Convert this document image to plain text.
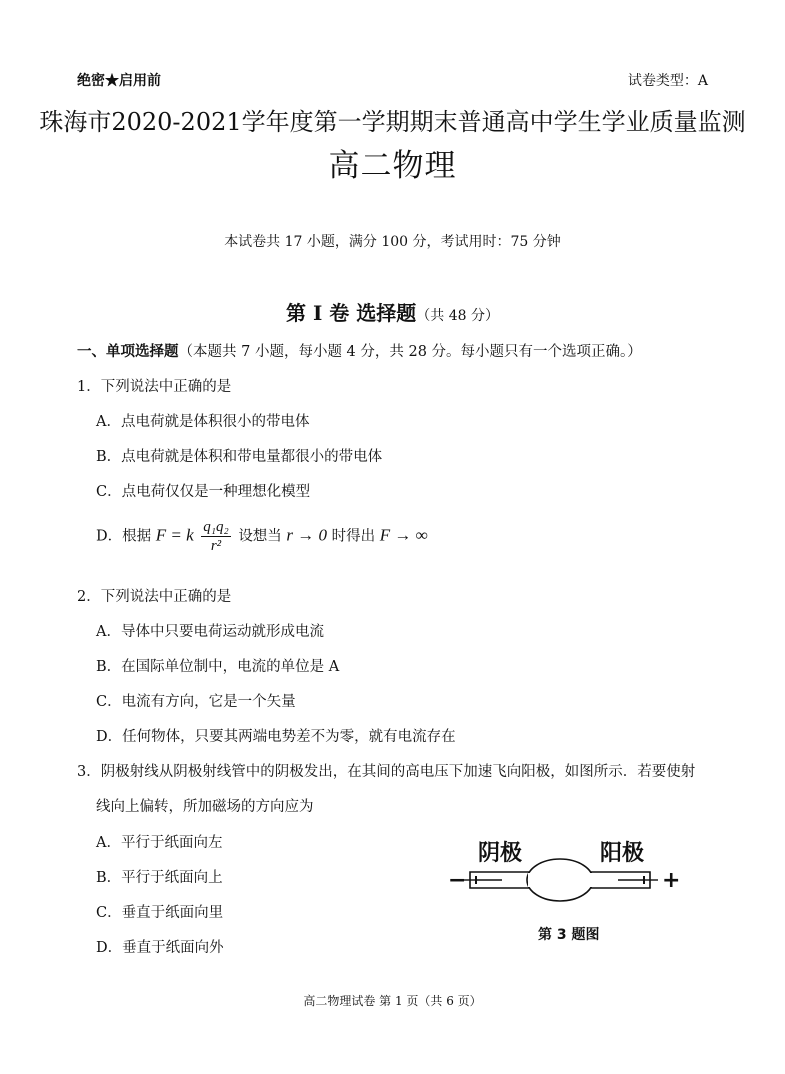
绝密★启用前	试卷类型：A
珠海市2020-2021学年度第一学期期末普通高中学生学业质量监测
高二物理
本试卷共 17 小题，满分 100 分，考试用时：75 分钟
第 I 卷 选择题（共 48 分）
一、单项选择题（本题共 7 小题，每小题 4 分，共 28 分。每小题只有一个选项正确。）
1．下列说法中正确的是
A．点电荷就是体积很小的带电体
B．点电荷就是体积和带电量都很小的带电体
C．点电荷仅仅是一种理想化模型
D．根据 F = k $\frac{\text{q₁q₂}}{\text{r²}}$ 设想当 r → 0 时得出 F → ∞
2．下列说法中正确的是
A．导体中只要电荷运动就形成电流
B．在国际单位制中，电流的单位是 A
C．电流有方向，它是一个矢量
D．任何物体，只要其两端电势差不为零，就有电流存在
3．阴极射线从阴极射线管中的阴极发出，在其间的高电压下加速飞向阳极，如图所示．若要使射
线向上偏转，所加磁场的方向应为
A．平行于纸面向左
B．平行于纸面向上
C．垂直于纸面向里
D．垂直于纸面向外
阴极	阳极
−	+
第 3 题图
高二物理试卷 第 1 页（共 6 页）
